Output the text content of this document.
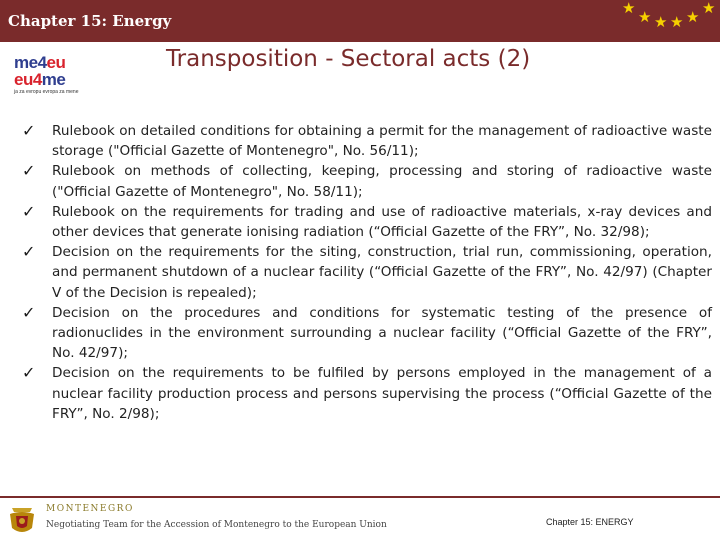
Chapter 15: Energy
★ ★ ★ ★ ★ ★
me4eu
eu4me
ja za evropu evropa za mene
Transposition - Sectoral acts (2)
✓ Rulebook on detailed conditions for obtaining a permit for the management of radioactive waste storage ("Official Gazette of Montenegro", No. 56/11);
✓ Rulebook on methods of collecting, keeping, processing and storing of radioactive waste ("Official Gazette of Montenegro", No. 58/11);
✓ Rulebook on the requirements for trading and use of radioactive materials, x-ray devices and other devices that generate ionising radiation (“Official Gazette of the FRY”, No. 32/98);
✓ Decision on the requirements for the siting, construction, trial run, commissioning, operation, and permanent shutdown of a nuclear facility (“Official Gazette of the FRY”, No. 42/97) (Chapter V of the Decision is repealed);
✓ Decision on the procedures and conditions for systematic testing of the presence of radionuclides in the environment surrounding a nuclear facility (“Official Gazette of the FRY”, No. 42/97);
✓ Decision on the requirements to be fulfiled by persons employed in the management of a nuclear facility production process and persons supervising the process (“Official Gazette of the FRY”, No. 2/98);
MONTENEGRO
Negotiating Team for the Accession of Montenegro to the European Union	Chapter 15: ENERGY
